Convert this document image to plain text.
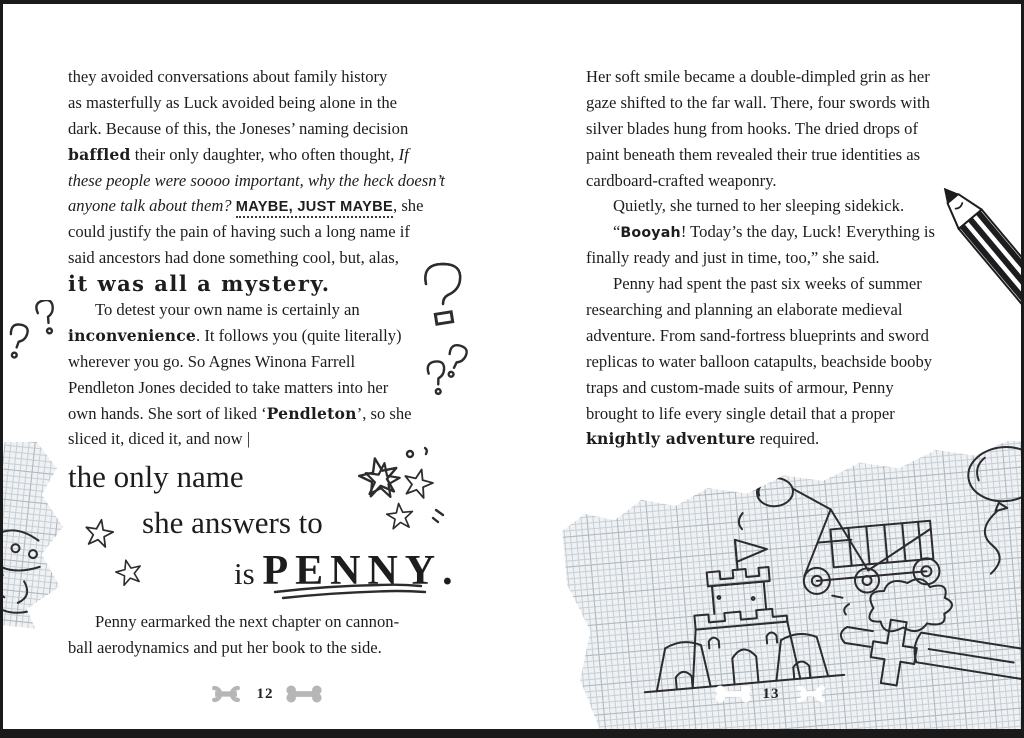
they avoided conversations about family history
as masterfully as Luck avoided being alone in the
dark. Because of this, the Joneses’ naming decision
baffled their only daughter, who often thought, If
these people were soooo important, why the heck doesn’t
anyone talk about them? MAYBE, JUST MAYBE, she
could justify the pain of having such a long name if
said ancestors had done something cool, but, alas,
it was all a mystery.
To detest your own name is certainly an
inconvenience. It follows you (quite literally)
wherever you go. So Agnes Winona Farrell
Pendleton Jones decided to take matters into her
own hands. She sort of liked ‘Pendleton’, so she
sliced it, diced it, and now |
the only name
she answers to
is PENNY.
Penny earmarked the next chapter on cannon-
ball aerodynamics and put her book to the side.
Her soft smile became a double-dimpled grin as her
gaze shifted to the far wall. There, four swords with
silver blades hung from hooks. The dried drops of
paint beneath them revealed their true identities as
cardboard-crafted weaponry.
Quietly, she turned to her sleeping sidekick.
“Booyah! Today’s the day, Luck! Everything is
finally ready and just in time, too,” she said.
Penny had spent the past six weeks of summer
researching and planning an elaborate medieval
adventure. From sand-fortress blueprints and sword
replicas to water balloon catapults, beachside booby
traps and custom-made suits of armour, Penny
brought to life every single detail that a proper
knightly adventure required.
12	13
